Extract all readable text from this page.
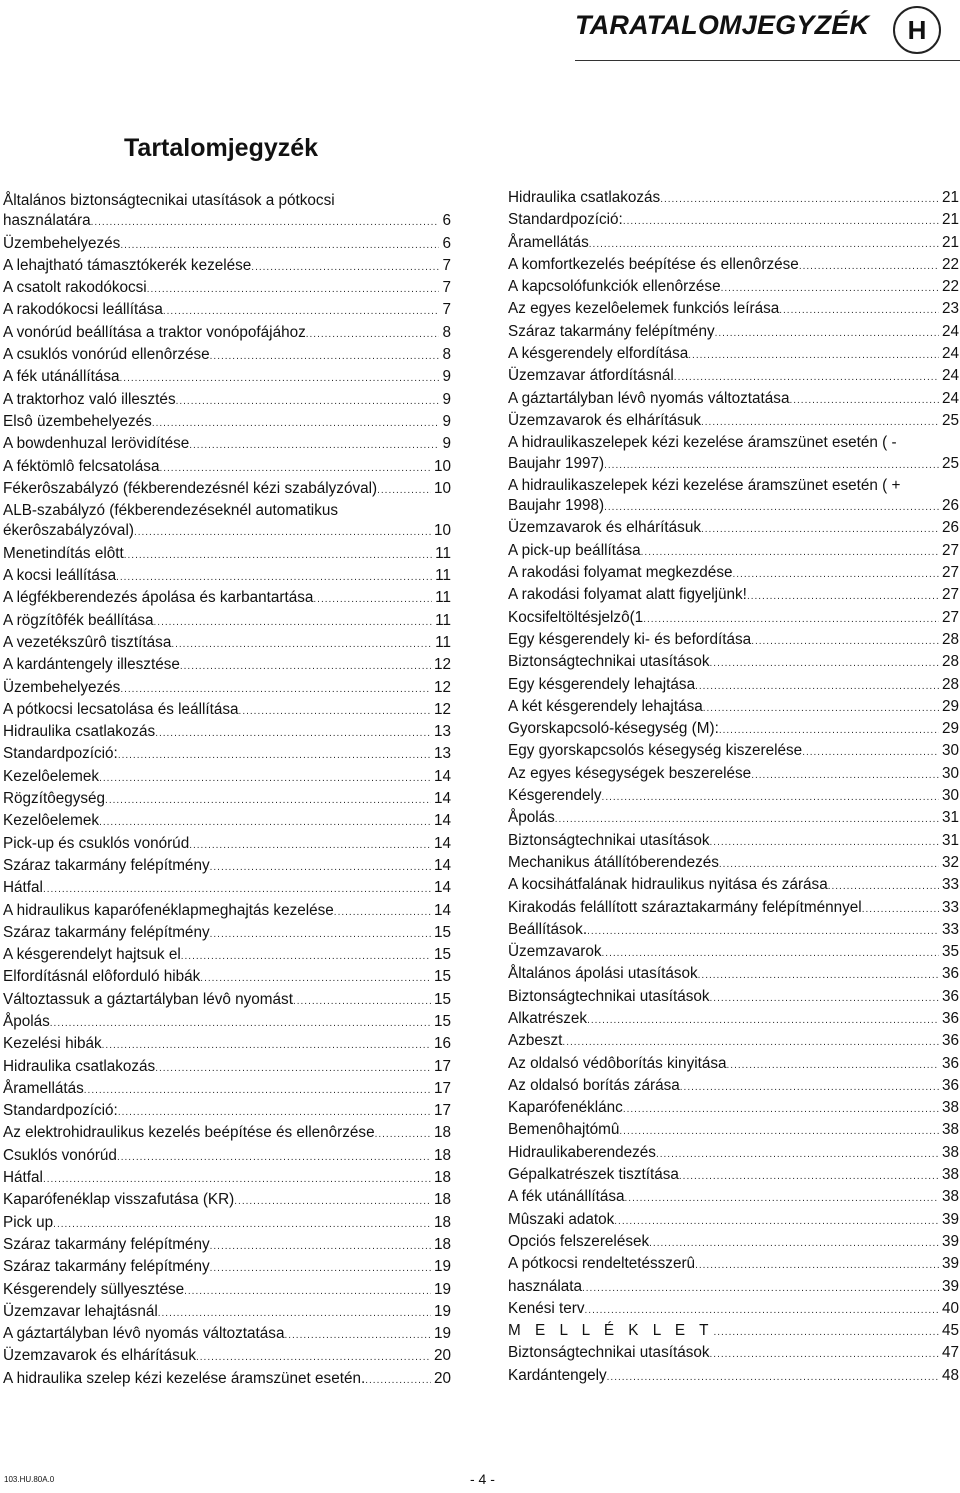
TARATALOMJEGYZÉK	H
Tartalomjegyzék
Åltalános biztonságtecnikai utasítások a pótkocsi
használatára .....	6
Üzembehelyezés .....	6
A lehajtható támasztókerék kezelése .....	7
A csatolt rakodókocsi .....	7
A rakodókocsi leállítása .....	7
A vonórúd beállítása a traktor vonópofájához .....	8
A csuklós vonórúd ellenôrzése .....	8
A fék utánállítása .....	9
A traktorhoz való illesztés .....	9
Elsô üzembehelyezés .....	9
A bowdenhuzal lerövidítése .....	9
A féktömlô felcsatolása .....	10
Fékerôszabályzó (fékberendezésnél kézi szabályzóval) .....	10
ALB-szabályzó (fékberendezéseknél automatikus
ékerôszabályzóval) .....	10
Menetindítás elôtt .....	11
A kocsi leállítása .....	11
A légfékberendezés ápolása és karbantartása .....	11
A rögzítôfék beállítása .....	11
A vezetékszûrô tisztítása .....	11
A kardántengely illesztése .....	12
Üzembehelyezés .....	12
A pótkocsi lecsatolása és leállítása .....	12
Hidraulika csatlakozás .....	13
Standardpozíció: .....	13
Kezelôelemek .....	14
Rögzítôegység .....	14
Kezelôelemek .....	14
Pick-up és csuklós vonórúd .....	14
Száraz takarmány felépítmény .....	14
Hátfal .....	14
A hidraulikus kaparófenéklapmeghajtás kezelése .....	14
Száraz takarmány felépítmény .....	15
A késgerendelyt hajtsuk el .....	15
Elfordításnál elôforduló hibák .....	15
Változtassuk a gáztartályban lévô nyomást .....	15
Åpolás .....	15
Kezelési hibák .....	16
Hidraulika csatlakozás .....	17
Åramellátás .....	17
Standardpozíció: .....	17
Az elektrohidraulikus kezelés beépítése és ellenôrzése .....	18
Csuklós vonórúd .....	18
Hátfal .....	18
Kaparófenéklap visszafutása (KR) .....	18
Pick up .....	18
Száraz takarmány felépítmény .....	18
Száraz takarmány felépítmény .....	19
Késgerendely süllyesztése .....	19
Üzemzavar lehajtásnál .....	19
A gáztartályban lévô nyomás változtatása .....	19
Üzemzavarok és elhárításuk .....	20
A hidraulika szelep kézi kezelése áramszünet esetén. .....	20
Hidraulika csatlakozás .....	21
Standardpozíció: .....	21
Åramellátás .....	21
A komfortkezelés beépítése és ellenôrzése .....	22
A kapcsolófunkciók ellenôrzése .....	22
Az egyes kezelôelemek funkciós leírása .....	23
Száraz takarmány felépítmény .....	24
A késgerendely elfordítása .....	24
Üzemzavar átfordításnál .....	24
A gáztartályban lévô nyomás változtatása .....	24
Üzemzavarok és elhárításuk .....	25
A hidraulikaszelepek kézi kezelése áramszünet esetén ( -
Baujahr 1997) .....	25
A hidraulikaszelepek kézi kezelése áramszünet esetén ( +
Baujahr 1998) .....	26
Üzemzavarok és elhárításuk .....	26
A pick-up beállítása .....	27
A rakodási folyamat megkezdése .....	27
A rakodási folyamat alatt figyeljünk! .....	27
Kocsifeltöltésjelzô(1 .....	27
Egy késgerendely ki- és befordítása .....	28
Biztonságtechnikai utasítások .....	28
Egy késgerendely lehajtása .....	28
A két késgerendely lehajtása .....	29
Gyorskapcsoló-késegység (M): .....	29
Egy gyorskapcsolós késegység kiszerelése .....	30
Az egyes késegységek beszerelése .....	30
Késgerendely .....	30
Åpolás .....	31
Biztonságtechnikai utasítások .....	31
Mechanikus átállítóberendezés .....	32
A kocsihátfalának hidraulikus nyitása és zárása .....	33
Kirakodás felállított száraztakarmány felépítménnyel .....	33
Beállítások. .....	33
Üzemzavarok .....	35
Åltalános ápolási utasítások .....	36
Biztonságtechnikai utasítások .....	36
Alkatrészek .....	36
Azbeszt .....	36
Az oldalsó védôborítás kinyitása .....	36
Az oldalsó borítás zárása .....	36
Kaparófenéklánc .....	38
Bemenôhajtómû .....	38
Hidraulikaberendezés .....	38
Gépalkatrészek tisztítása .....	38
A fék utánállítása .....	38
Mûszaki adatok .....	39
Opciós felszerelések .....	39
A pótkocsi rendeltetésszerû .....	39
használata .....	39
Kenési terv .....	40
M E L L É K L E T .....	45
Biztonságtechnikai utasítások .....	47
Kardántengely .....	48
103.HU.80A.0	- 4 -
